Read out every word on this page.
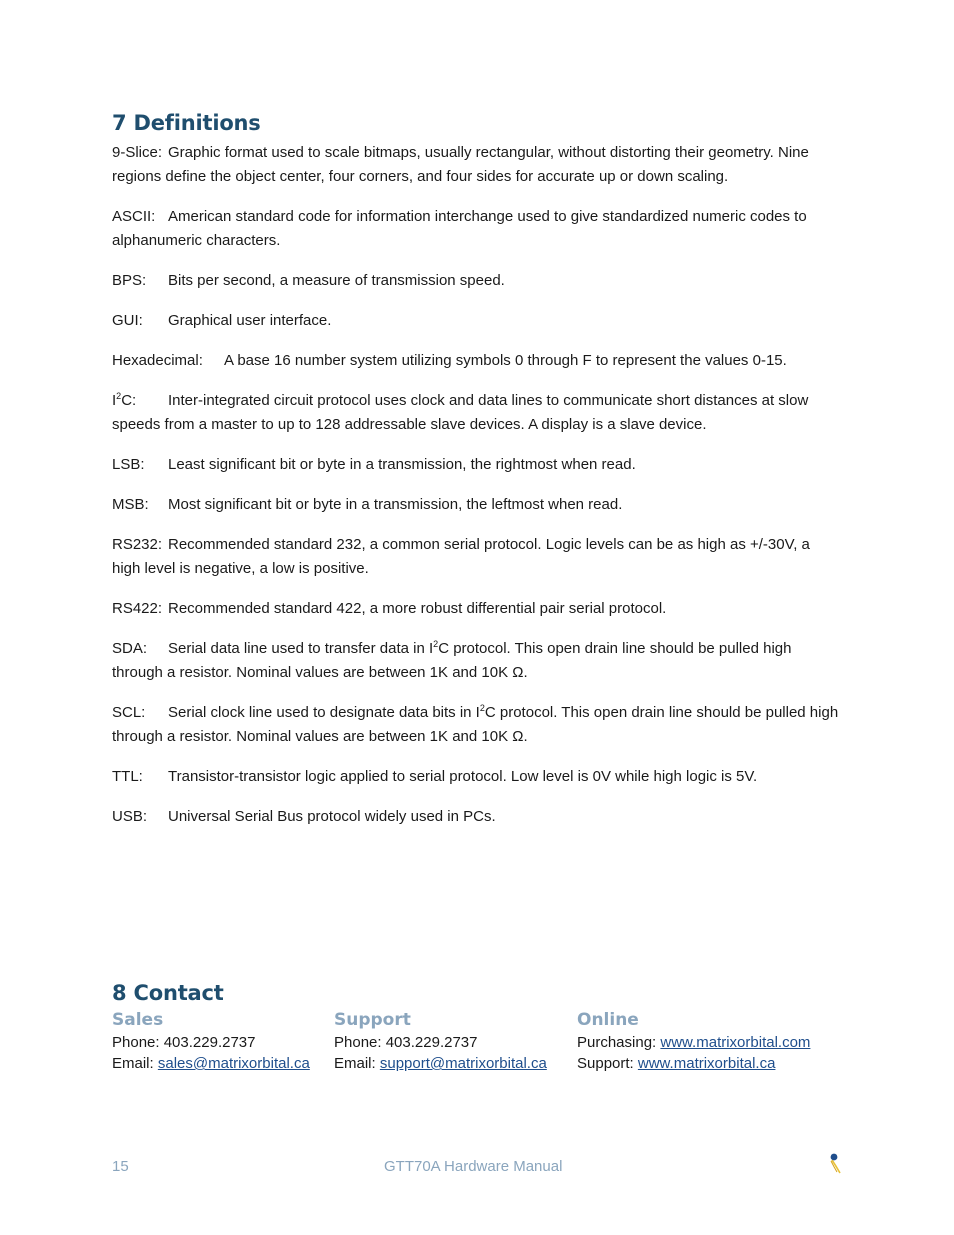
7 Definitions

9-Slice: Graphic format used to scale bitmaps, usually rectangular, without distorting their geometry. Nine regions define the object center, four corners, and four sides for accurate up or down scaling.

ASCII: American standard code for information interchange used to give standardized numeric codes to alphanumeric characters.

BPS: Bits per second, a measure of transmission speed.

GUI: Graphical user interface.

Hexadecimal: A base 16 number system utilizing symbols 0 through F to represent the values 0-15.

$I^2C$: Inter-integrated circuit protocol uses clock and data lines to communicate short distances at slow speeds from a master to up to 128 addressable slave devices. A display is a slave device.

LSB: Least significant bit or byte in a transmission, the rightmost when read.

MSB: Most significant bit or byte in a transmission, the leftmost when read.

RS232: Recommended standard 232, a common serial protocol. Logic levels can be as high as +/-30V, a high level is negative, a low is positive.

RS422: Recommended standard 422, a more robust differential pair serial protocol.

SDA: Serial data line used to transfer data in $I^2C$ protocol. This open drain line should be pulled high through a resistor. Nominal values are between 1K and 10K Ω.

SCL: Serial clock line used to designate data bits in $I^2C$ protocol. This open drain line should be pulled high through a resistor. Nominal values are between 1K and 10K Ω.

TTL: Transistor-transistor logic applied to serial protocol. Low level is 0V while high logic is 5V.

USB: Universal Serial Bus protocol widely used in PCs.

8 Contact
Sales
Phone: 403.229.2737
Email: sales@matrixorbital.ca
Support
Phone: 403.229.2737
Email: support@matrixorbital.ca
Online
Purchasing: www.matrixorbital.com
Support: www.matrixorbital.ca
15	GTT70A Hardware Manual
